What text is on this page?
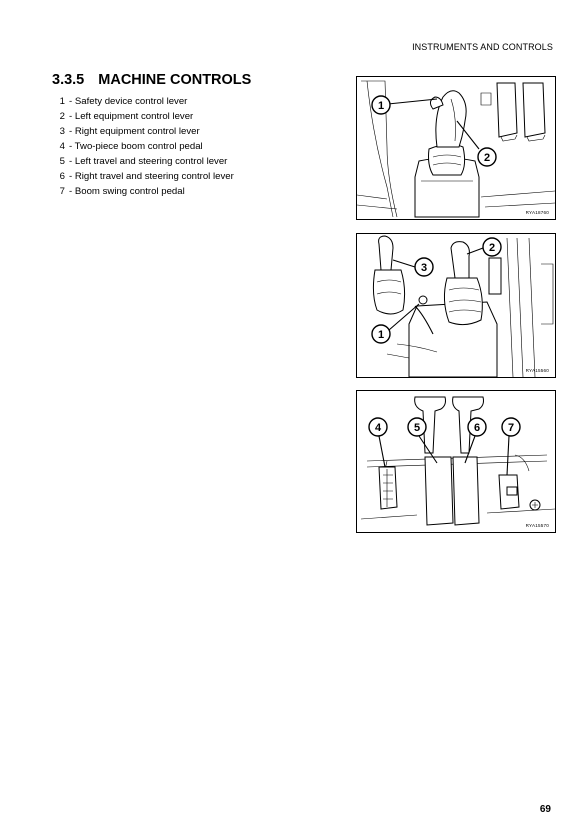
INSTRUMENTS AND CONTROLS
3.3.5 MACHINE CONTROLS
1 - Safety device control lever
2 - Left equipment control lever
3 - Right equipment control lever
4 - Two-piece boom control pedal
5 - Left travel and steering control lever
6 - Right travel and steering control lever
7 - Boom swing control pedal
1
2
RYA18760
2
3
1
RYA15560
4	5	6	7
RYA15570
69
